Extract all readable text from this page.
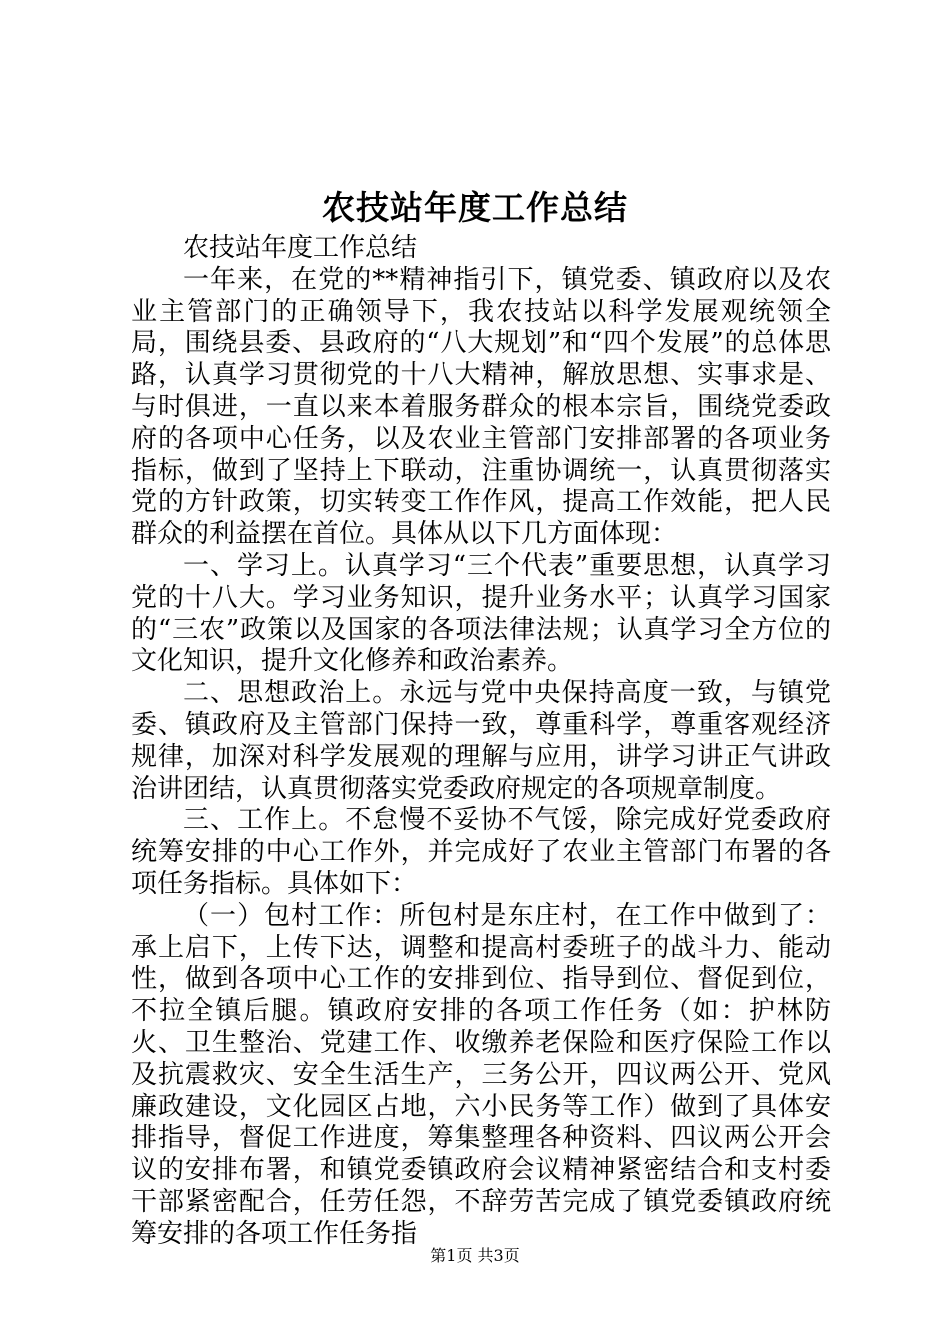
农技站年度工作总结

农技站年度工作总结

一年来，在党的**精神指引下，镇党委、镇政府以及农业主管部门的正确领导下，我农技站以科学发展观统领全局，围绕县委、县政府的“八大规划”和“四个发展”的总体思路，认真学习贯彻党的十八大精神，解放思想、实事求是、与时俱进，一直以来本着服务群众的根本宗旨，围绕党委政府的各项中心任务，以及农业主管部门安排部署的各项业务指标，做到了坚持上下联动，注重协调统一，认真贯彻落实党的方针政策，切实转变工作作风，提高工作效能，把人民群众的利益摆在首位。具体从以下几方面体现：

一、学习上。认真学习“三个代表”重要思想，认真学习党的十八大。学习业务知识，提升业务水平；认真学习国家的“三农”政策以及国家的各项法律法规；认真学习全方位的文化知识，提升文化修养和政治素养。

二、思想政治上。永远与党中央保持高度一致，与镇党委、镇政府及主管部门保持一致，尊重科学，尊重客观经济规律，加深对科学发展观的理解与应用，讲学习讲正气讲政治讲团结，认真贯彻落实党委政府规定的各项规章制度。

三、工作上。不怠慢不妥协不气馁，除完成好党委政府统筹安排的中心工作外，并完成好了农业主管部门布署的各项任务指标。具体如下：

（一）包村工作：所包村是东庄村，在工作中做到了：承上启下，上传下达，调整和提高村委班子的战斗力、能动性，做到各项中心工作的安排到位、指导到位、督促到位，不拉全镇后腿。镇政府安排的各项工作任务（如：护林防火、卫生整治、党建工作、收缴养老保险和医疗保险工作以及抗震救灾、安全生活生产，三务公开，四议两公开、党风廉政建设，文化园区占地，六小民务等工作）做到了具体安排指导，督促工作进度，筹集整理各种资料、四议两公开会议的安排布署，和镇党委镇政府会议精神紧密结合和支村委干部紧密配合，任劳任怨，不辞劳苦完成了镇党委镇政府统筹安排的各项工作任务指

第1页 共3页
